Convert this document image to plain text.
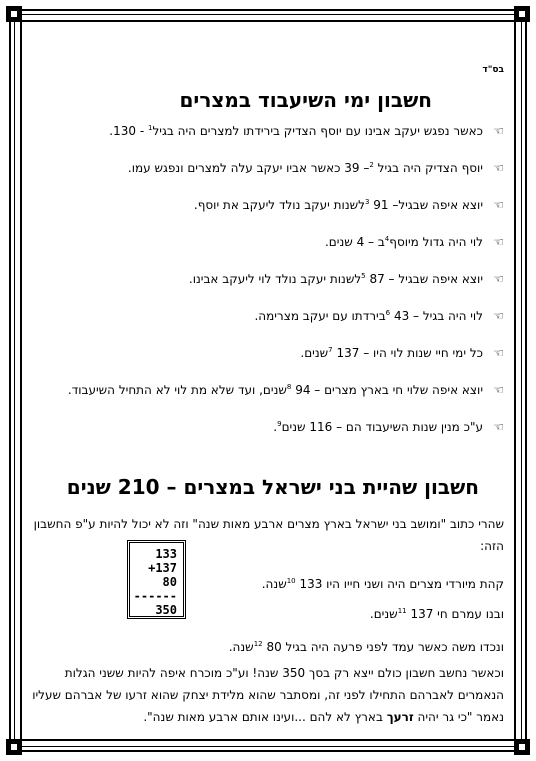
בס"ד
חשבון ימי השיעבוד במצרים
☜
כאשר נפגש יעקב אבינו עם יוסף הצדיק בירידתו למצרים היה בגיל$^1$ - 130.
☜
יוסף הצדיק היה בגיל $^2$– 39 כאשר אביו יעקב עלה למצרים ונפגש עמו.
☜
יוצא איפה שבגיל– 91 $^3$לשנות יעקב נולד ליעקב את יוסף.
☜
לוי היה גדול מיוסף$^4$ב – 4 שנים.
☜
יוצא איפה שבגיל – 87 $^5$לשנות יעקב נולד לוי ליעקב אבינו.
☜
לוי היה בגיל – 43 $^6$בירדתו עם יעקב מצרימה.
☜
כל ימי חיי שנות לוי היו – 137 $^7$שנים.
☜
יוצא איפה שלוי חי בארץ מצרים – 94 $^8$שנים, ועד שלא מת לוי לא התחיל השיעבוד.
☜
ע"כ מנין שנות השיעבוד הם – 116 שנים$^9$.
חשבון שהיית בני ישראל במצרים – 210 שנים

שהרי כתוב "ומושב בני ישראל בארץ מצרים ארבע מאות שנה" וזה לא יכול להיות ע"פ החשבון הזה:

קהת מיורדי מצרים היה ושני חייו היו 133 $^{10}$שנה.

ובנו עמרם חי 137 $^{11}$שנים.

ונכדו משה כאשר עמד לפני פרעה היה בגיל 80 $^{12}$שנה.

וכאשר נחשב חשבון כולם ייצא רק בסך 350 שנה! וע"כ מוכרח איפה להיות ששני הגלות הנאמרים לאברהם התחילו לפני זה, ומסתבר שהוא מלידת יצחק שהוא זרעו של אברהם שעליו נאמר "כי גר יהיה זרעך בארץ לא להם ...ועינו אותם ארבע מאות שנה".

133
+137
80
------
350
